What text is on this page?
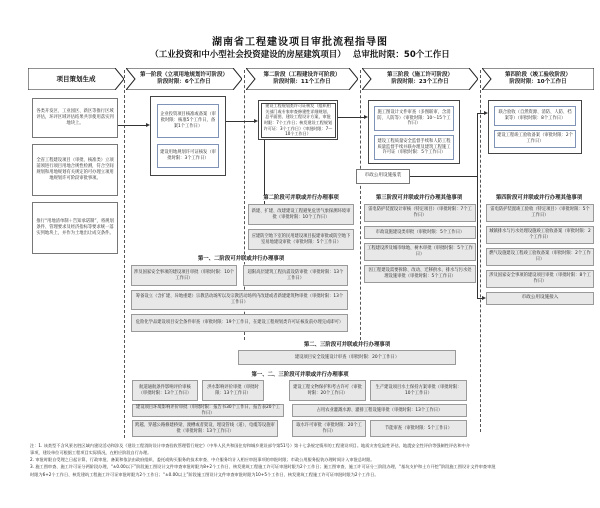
湖南省工程建设项目审批流程指导图
（工业投资和中小型社会投资建设的房屋建筑项目）　 总审批时限：50个工作日
项目策划生成	第一阶段（立项用地规划许可阶段）
阶段时限：6个工作日
第二阶段（工程建设许可阶段）
阶段时限：11个工作日
第三阶段（施工许可阶段）
阶段时限：23个工作日
第四阶段（竣工验收阶段）
阶段时限：10个工作日
各类开发区、工业园区、新区等推行区域评估，环评区域评估结果共享使用落实到地块上。
全省工程建设项目（审批、核准类）立项前须进行项目用地合规性检测，符合空间规划和用地规划有关规定的可办理立项用地规划许可阶段审批事项。
推行“用地清单制＋告知承诺制”，将规划条件、管理要求及经济指标等要求统一落实到地块上，并作为土地出让成交条件。
企业投资项目核准或备案（审批时限：核准5个工作日，备案1个工作日）
建设用地规划许可证核发（审批时限：3个工作日）
建设工程规划类许可证核发（组织相关部门或专家审查修建性详细规划、总平面图、建设工程设计方案，审批时限：7个工作日；核发建设工程规划许可证：3个工作日）（审批时限：7～10个工作日）
施工图设计文件审查（多图联审，含消防、人防等）（审批时限：10～15个工作日）
建设工程质量安全监督手续和人防工程质量监督手续并联办理及建筑工程施工许可证（审批时限：5个工作日）
市政公用设施报装
联合验收（自然资源、消防、人防、档案等）（审批时限：8个工作日）
建设工程竣工验收备案（审批时限：2个工作日）
第二阶段可并联或并行办理事项
新建、扩建、改建建设工程避免危害气象探测环境审批（审批时限：10个工作日）
应建防空地下室的民用建设项目报建审批或防空地下室易地建设审批（审批时限：5个工作日）
第三阶段可并联或并行办理其他事项
雷电防护装置设计审核（特定项目）（审批时限：7个工作日）
市政设施建设类审批（审批时限：5个工作日）
工程建设涉及城市绿地、树木审批（审批时限：5个工作日）
因工程建设需要拆除、改动、迁移供水、排水与污水处理设施审批（审批时限：5个工作日）
第四阶段可并联或并行办理其他事项
雷电防护装置竣工验收（特定项目）（审批时限：5个工作日）
城镇排水与污水处理设施竣工验收备案（审批时限：2个工作日）
燃气设施建设工程竣工验收备案（审批时限：2个工作日）
涉及国家安全事项的建设项目审批（审批时限：8个工作日）
市政公用设施接入
第一、二阶段可并联或并行办理事项
涉及国家安全事项的建设项目审批（审批时限：10个工作日）
超限高层建筑工程抗震设防审批（审批时限：13个工作日）
筹备设立（含扩建、异地重建）宗教活动场所以及宗教活动场所内改建或者新建建筑物审批（审批时限：13个工作日）
危险化学品建设项目安全条件审查（审批时限：19个工作日，在建设工程规划类许可证核发前办理完成即可）
第二、三阶段可并联或并行办理事项
建设项目安全设施设计审查（审批时限：20个工作日）
第一、二、三阶段可并联或并行办理事项
航道通航条件影响评价审核（审批时限：13个工作日）
洪水影响评价审批（审批时限：13个工作日）
建设工程文物保护和考古许可（审批时限：20个工作日）
生产建设项目水土保持方案审批（审批时限：10个工作日）
建设项目环境影响评价审批（审批时限：报告书30个工作日、报告表20个工作日）
占用农业灌溉水源、灌排工程设施审批（审批时限：13个工作日）
跨越、穿越公路修建桥梁、渡槽或者架设、埋设管线（道）、电缆等设施审批（审批时限：13个工作日）
取水许可审批（审批时限：20个工作日）
节能审查（审批时限：5个工作日）
注：1. 该类型不含风景名胜区域内建设活动和涉及《建设工程消防设计审查验收管理暂行规定》（中华人民共和国住房和城乡建设部令第51号）第十七条规定情形的工程建设项目。地质灾害危险性评估、地震安全性评价等强制性评估和中介
事项，建设单位可根据工程项目实际情况，在相应阶段自行办理。
2. 审批时限自受理之日起计算，行政审批、备案和依法由政府组织、委托或购买服务的技术审查、中介服务均计入相应审批事项的审批时限；市政公用服务报装办理时间计入审批总时限。
3. 施工图审查、施工许可证分两阶段办理，“±0.00以下”阶段施工图设计文件审查审批时限为8+2个工作日、核发建筑工程施工许可证审批时限为2个工作日；施工图审查、施工许可证分三阶段办理，“基坑支护和土方开挖”阶段施工图设计文件审查审批
时限为6+2个工作日、核发建筑工程施工许可证审批时限为2个工作日；“±0.00以上”阶段施工图设计文件审查审批时限为10+5个工作日、核发建筑工程施工许可证审批时限为2个工作日。
